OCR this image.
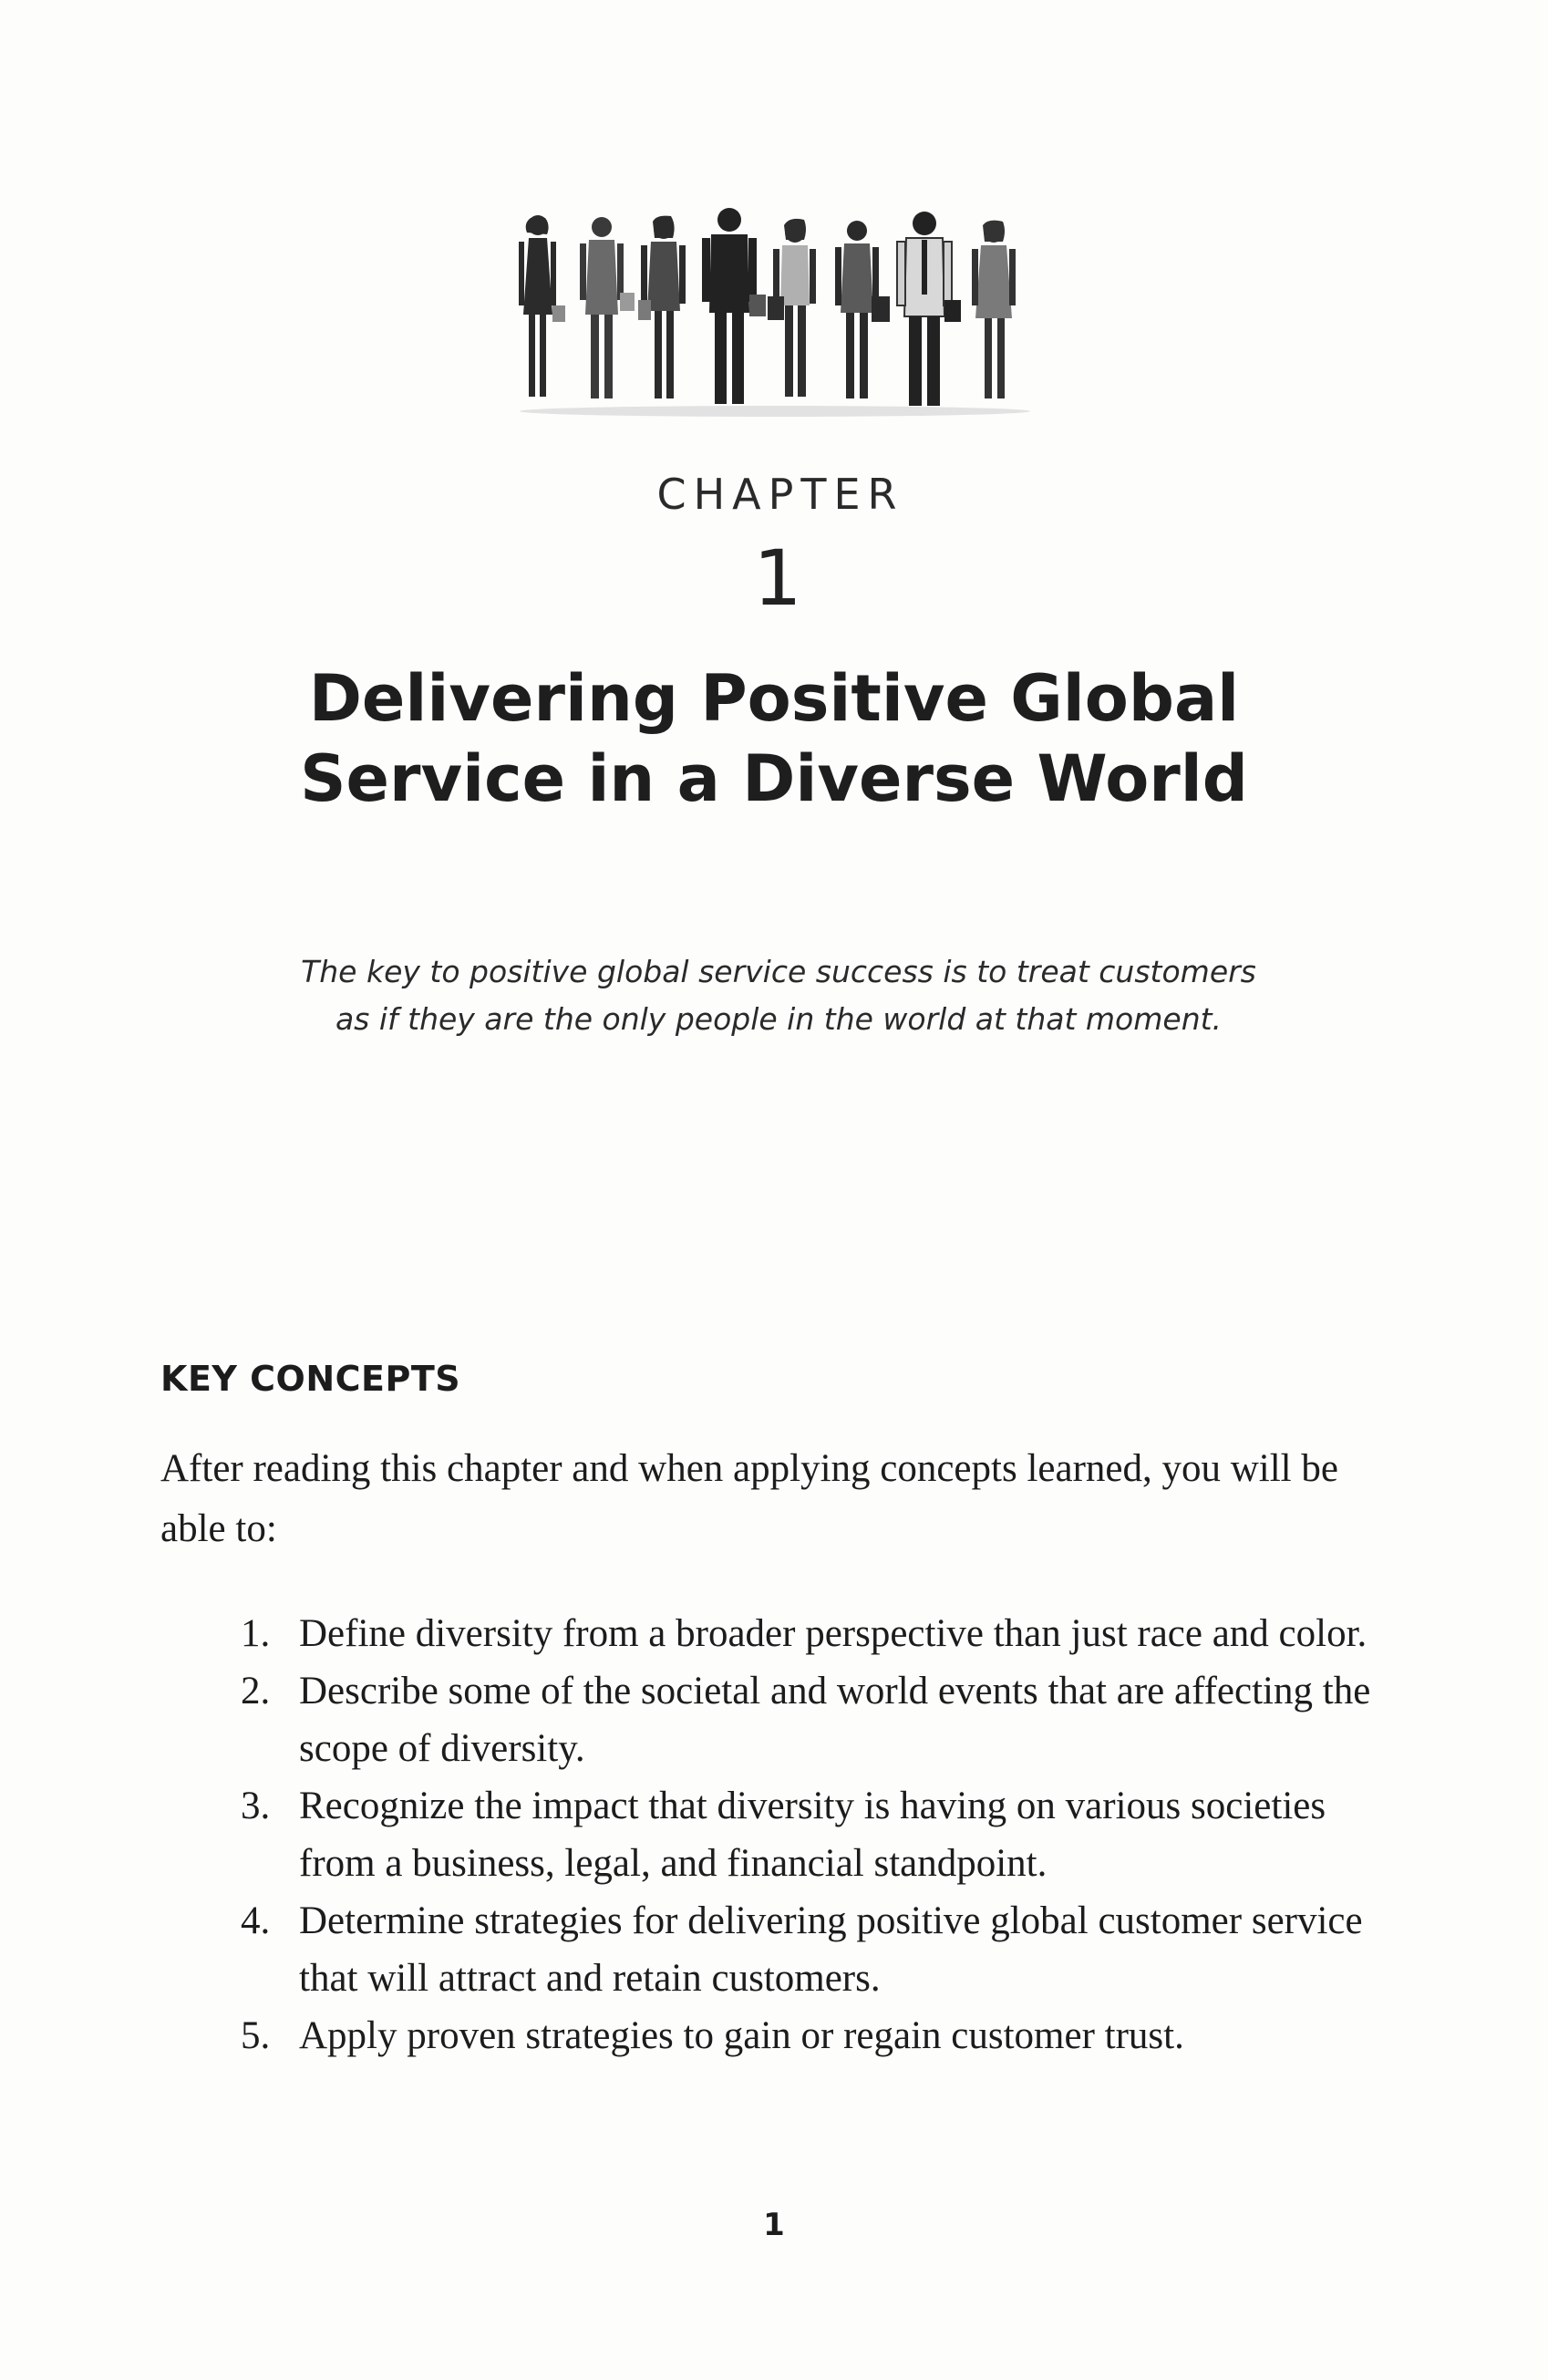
CHAPTER
1
Delivering Positive Global
Service in a Diverse World
The key to positive global service success is to treat customers
as if they are the only people in the world at that moment.
KEY CONCEPTS

After reading this chapter and when applying concepts learned, you will be able to:

1. Define diversity from a broader perspective than just race and color.
2. Describe some of the societal and world events that are affecting the scope of diversity.
3. Recognize the impact that diversity is having on various societies from a business, legal, and financial standpoint.
4. Determine strategies for delivering positive global customer service that will attract and retain customers.
5. Apply proven strategies to gain or regain customer trust.
1
